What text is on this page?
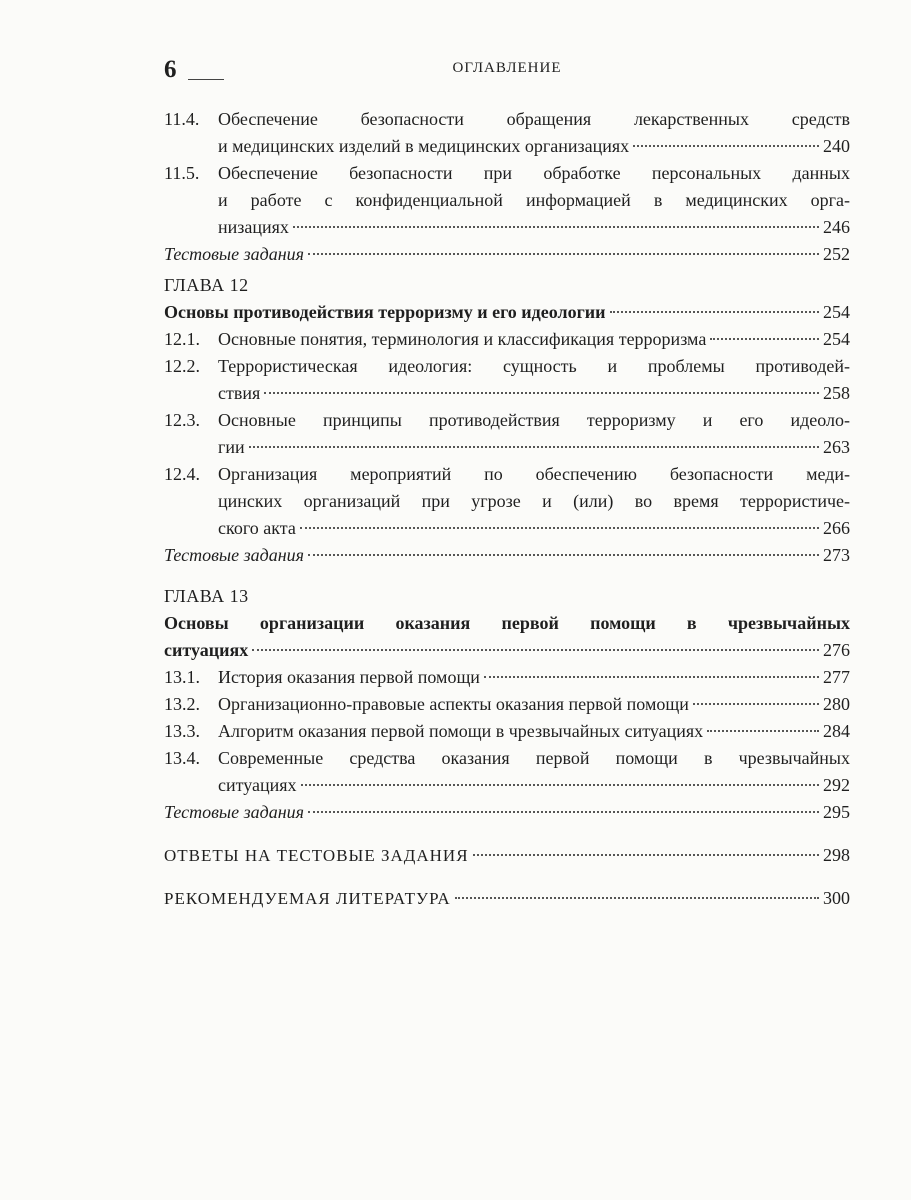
6	ОГЛАВЛЕНИЕ
11.4.	Обеспечение безопасности обращения лекарственных средств
и медицинских изделий в медицинских организациях	240
11.5.	Обеспечение безопасности при обработке персональных данных
и работе с конфиденциальной информацией в медицинских орга-
низациях	246
Тестовые задания	252
ГЛАВА 12
Основы противодействия терроризму и его идеологии	254
12.1.	Основные понятия, терминология и классификация терроризма	254
12.2.	Террористическая идеология: сущность и проблемы противодей-
ствия	258
12.3.	Основные принципы противодействия терроризму и его идеоло-
гии	263
12.4.	Организация мероприятий по обеспечению безопасности меди-
цинских организаций при угрозе и (или) во время террористиче-
ского акта	266
Тестовые задания	273
ГЛАВА 13
Основы организации оказания первой помощи в чрезвычайных
ситуациях	276
13.1.	История оказания первой помощи	277
13.2.	Организационно-правовые аспекты оказания первой помощи	280
13.3.	Алгоритм оказания первой помощи в чрезвычайных ситуациях	284
13.4.	Современные средства оказания первой помощи в чрезвычайных
ситуациях	292
Тестовые задания	295
ОТВЕТЫ НА ТЕСТОВЫЕ ЗАДАНИЯ	298
РЕКОМЕНДУЕМАЯ ЛИТЕРАТУРА	300
